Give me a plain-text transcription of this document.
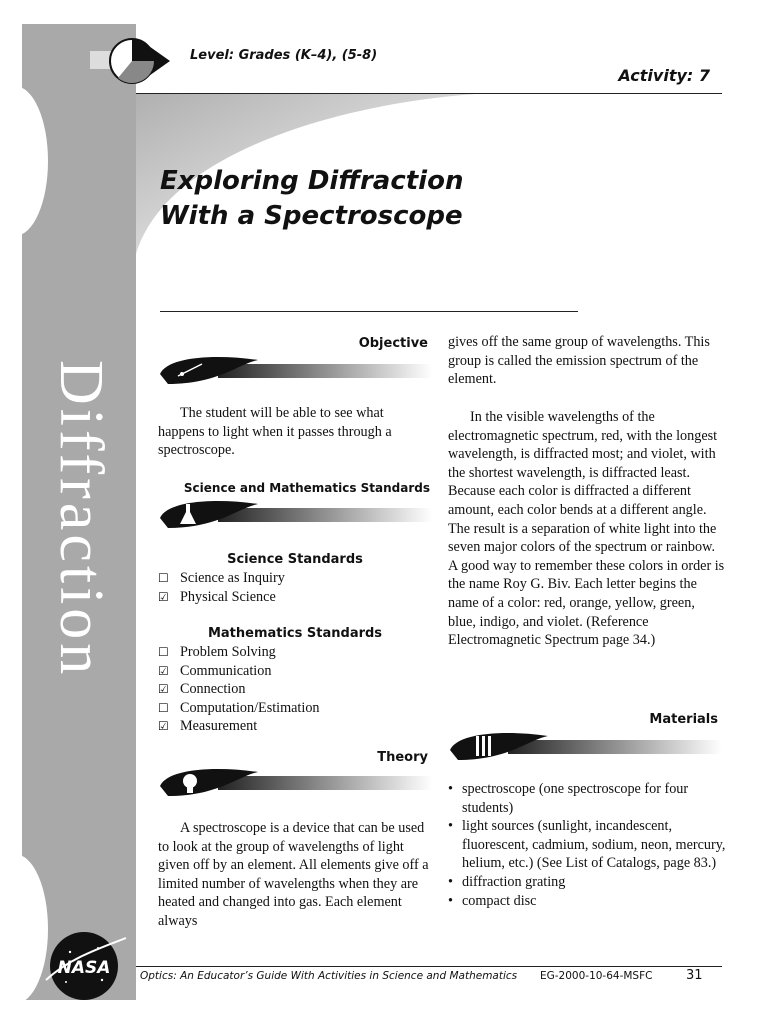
Diffraction
Level: Grades (K–4), (5-8)
Activity: 7
Exploring Diffraction
With a Spectroscope
Objective
The student will be able to see what happens to light when it passes through a spectroscope.
Science and Mathematics Standards
Science Standards
☐ Science as Inquiry
☑ Physical Science
Mathematics Standards
☐ Problem Solving
☑ Communication
☑ Connection
☐ Computation/Estimation
☑ Measurement
Theory
A spectroscope is a device that can be used to look at the group of wavelengths of light given off by an element. All elements give off a limited number of wavelengths when they are heated and changed into gas. Each element always
gives off the same group of wavelengths. This group is called the emission spectrum of the element.
In the visible wavelengths of the electromagnetic spectrum, red, with the longest wavelength, is diffracted most; and violet, with the shortest wavelength, is diffracted least. Because each color is diffracted a different amount, each color bends at a different angle. The result is a separation of white light into the seven major colors of the spectrum or rainbow. A good way to remember these colors in order is the name Roy G. Biv. Each letter begins the name of a color: red, orange, yellow, green, blue, indigo, and violet. (Reference Electromagnetic Spectrum page 34.)
Materials
• spectroscope (one spectroscope for four students)
• light sources (sunlight, incandescent, fluorescent, cadmium, sodium, neon, mercury, helium, etc.) (See List of Catalogs, page 83.)
• diffraction grating
• compact disc
NASA	Optics: An Educator’s Guide With Activities in Science and Mathematics EG-2000-10-64-MSFC	31
